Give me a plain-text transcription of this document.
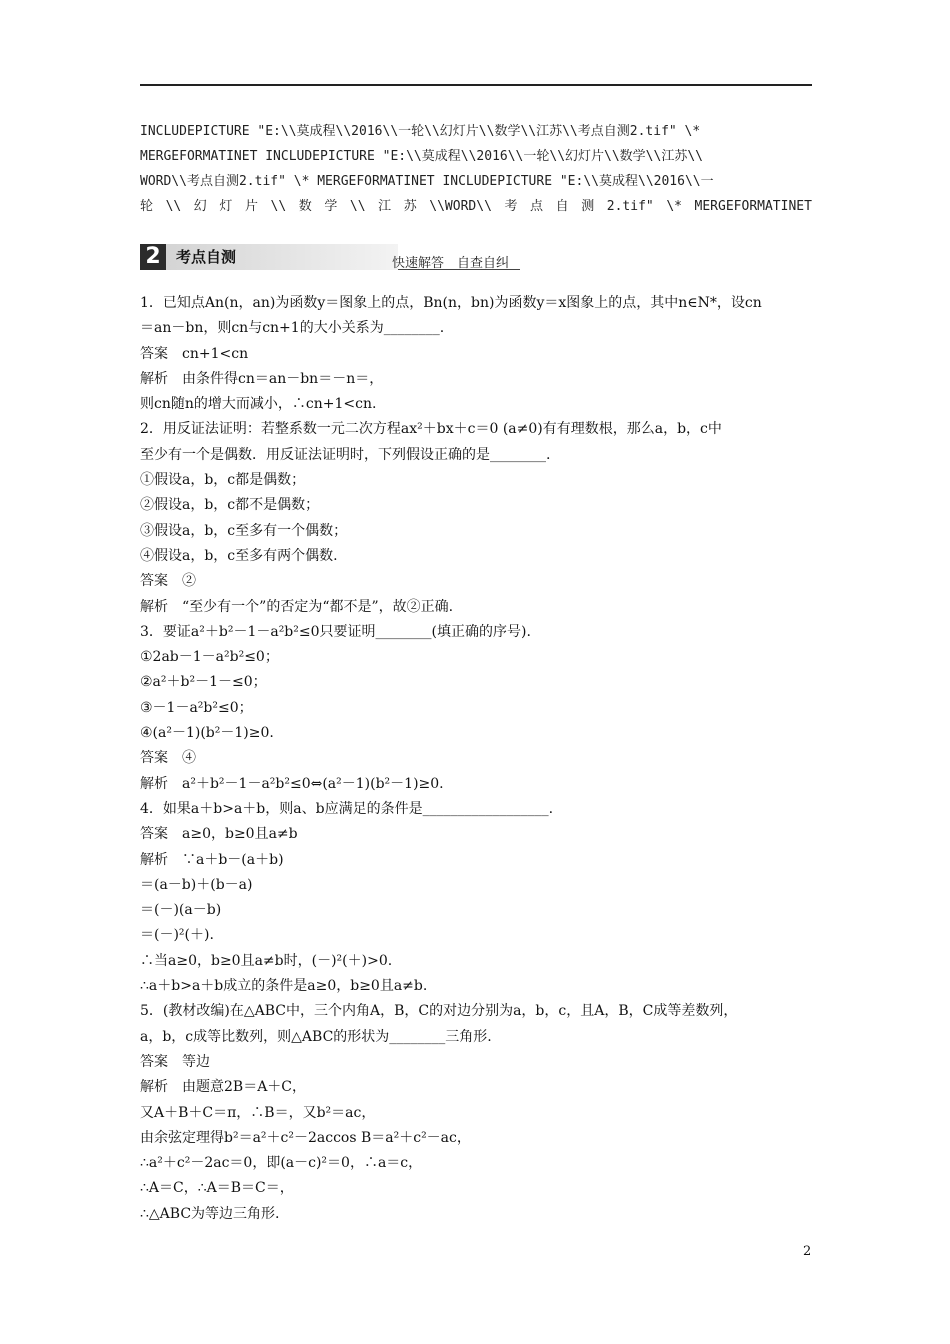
INCLUDEPICTURE "E:\\莫成程\\2016\\一轮\\幻灯片\\数学\\江苏\\考点自测2.tif" \*
MERGEFORMATINET INCLUDEPICTURE "E:\\莫成程\\2016\\一轮\\幻灯片\\数学\\江苏\\
WORD\\考点自测2.tif" \* MERGEFORMATINET INCLUDEPICTURE "E:\\莫成程\\2016\\一
轮 \\ 幻 灯 片 \\ 数 学 \\ 江 苏 \\WORD\\ 考 点 自 测 2.tif" \* MERGEFORMATINET
2	考点自测	快速解答　自查自纠
1．已知点An(n，an)为函数y＝图象上的点，Bn(n，bn)为函数y＝x图象上的点，其中n∈N*，设cn
＝an－bn，则cn与cn+1的大小关系为________.
答案　cn+1<cn
解析　由条件得cn＝an－bn＝－n＝，
则cn随n的增大而减小，∴cn+1<cn.
2．用反证法证明：若整系数一元二次方程ax²＋bx＋c＝0 (a≠0)有有理数根，那么a，b，c中
至少有一个是偶数．用反证法证明时，下列假设正确的是________.
①假设a，b，c都是偶数；
②假设a，b，c都不是偶数；
③假设a，b，c至多有一个偶数；
④假设a，b，c至多有两个偶数.
答案　②
解析　“至少有一个”的否定为“都不是”，故②正确.
3．要证a²＋b²－1－a²b²≤0只要证明________(填正确的序号).
①2ab－1－a²b²≤0；
②a²＋b²－1－≤0；
③－1－a²b²≤0；
④(a²－1)(b²－1)≥0.
答案　④
解析　a²＋b²－1－a²b²≤0⇔(a²－1)(b²－1)≥0.
4．如果a＋b>a＋b，则a、b应满足的条件是__________________.
答案　a≥0，b≥0且a≠b
解析　∵a＋b－(a＋b)
＝(a－b)＋(b－a)
＝(－)(a－b)
＝(－)²(＋).
∴当a≥0，b≥0且a≠b时，(－)²(＋)>0.
∴a＋b>a＋b成立的条件是a≥0，b≥0且a≠b.
5．(教材改编)在△ABC中，三个内角A，B，C的对边分别为a，b，c，且A，B，C成等差数列，
a，b，c成等比数列，则△ABC的形状为________三角形.
答案　等边
解析　由题意2B＝A＋C，
又A＋B＋C＝π，∴B＝，又b²＝ac，
由余弦定理得b²＝a²＋c²－2accos B＝a²＋c²－ac，
∴a²＋c²－2ac＝0，即(a－c)²＝0，∴a＝c，
∴A＝C，∴A＝B＝C＝，
∴△ABC为等边三角形.
2
